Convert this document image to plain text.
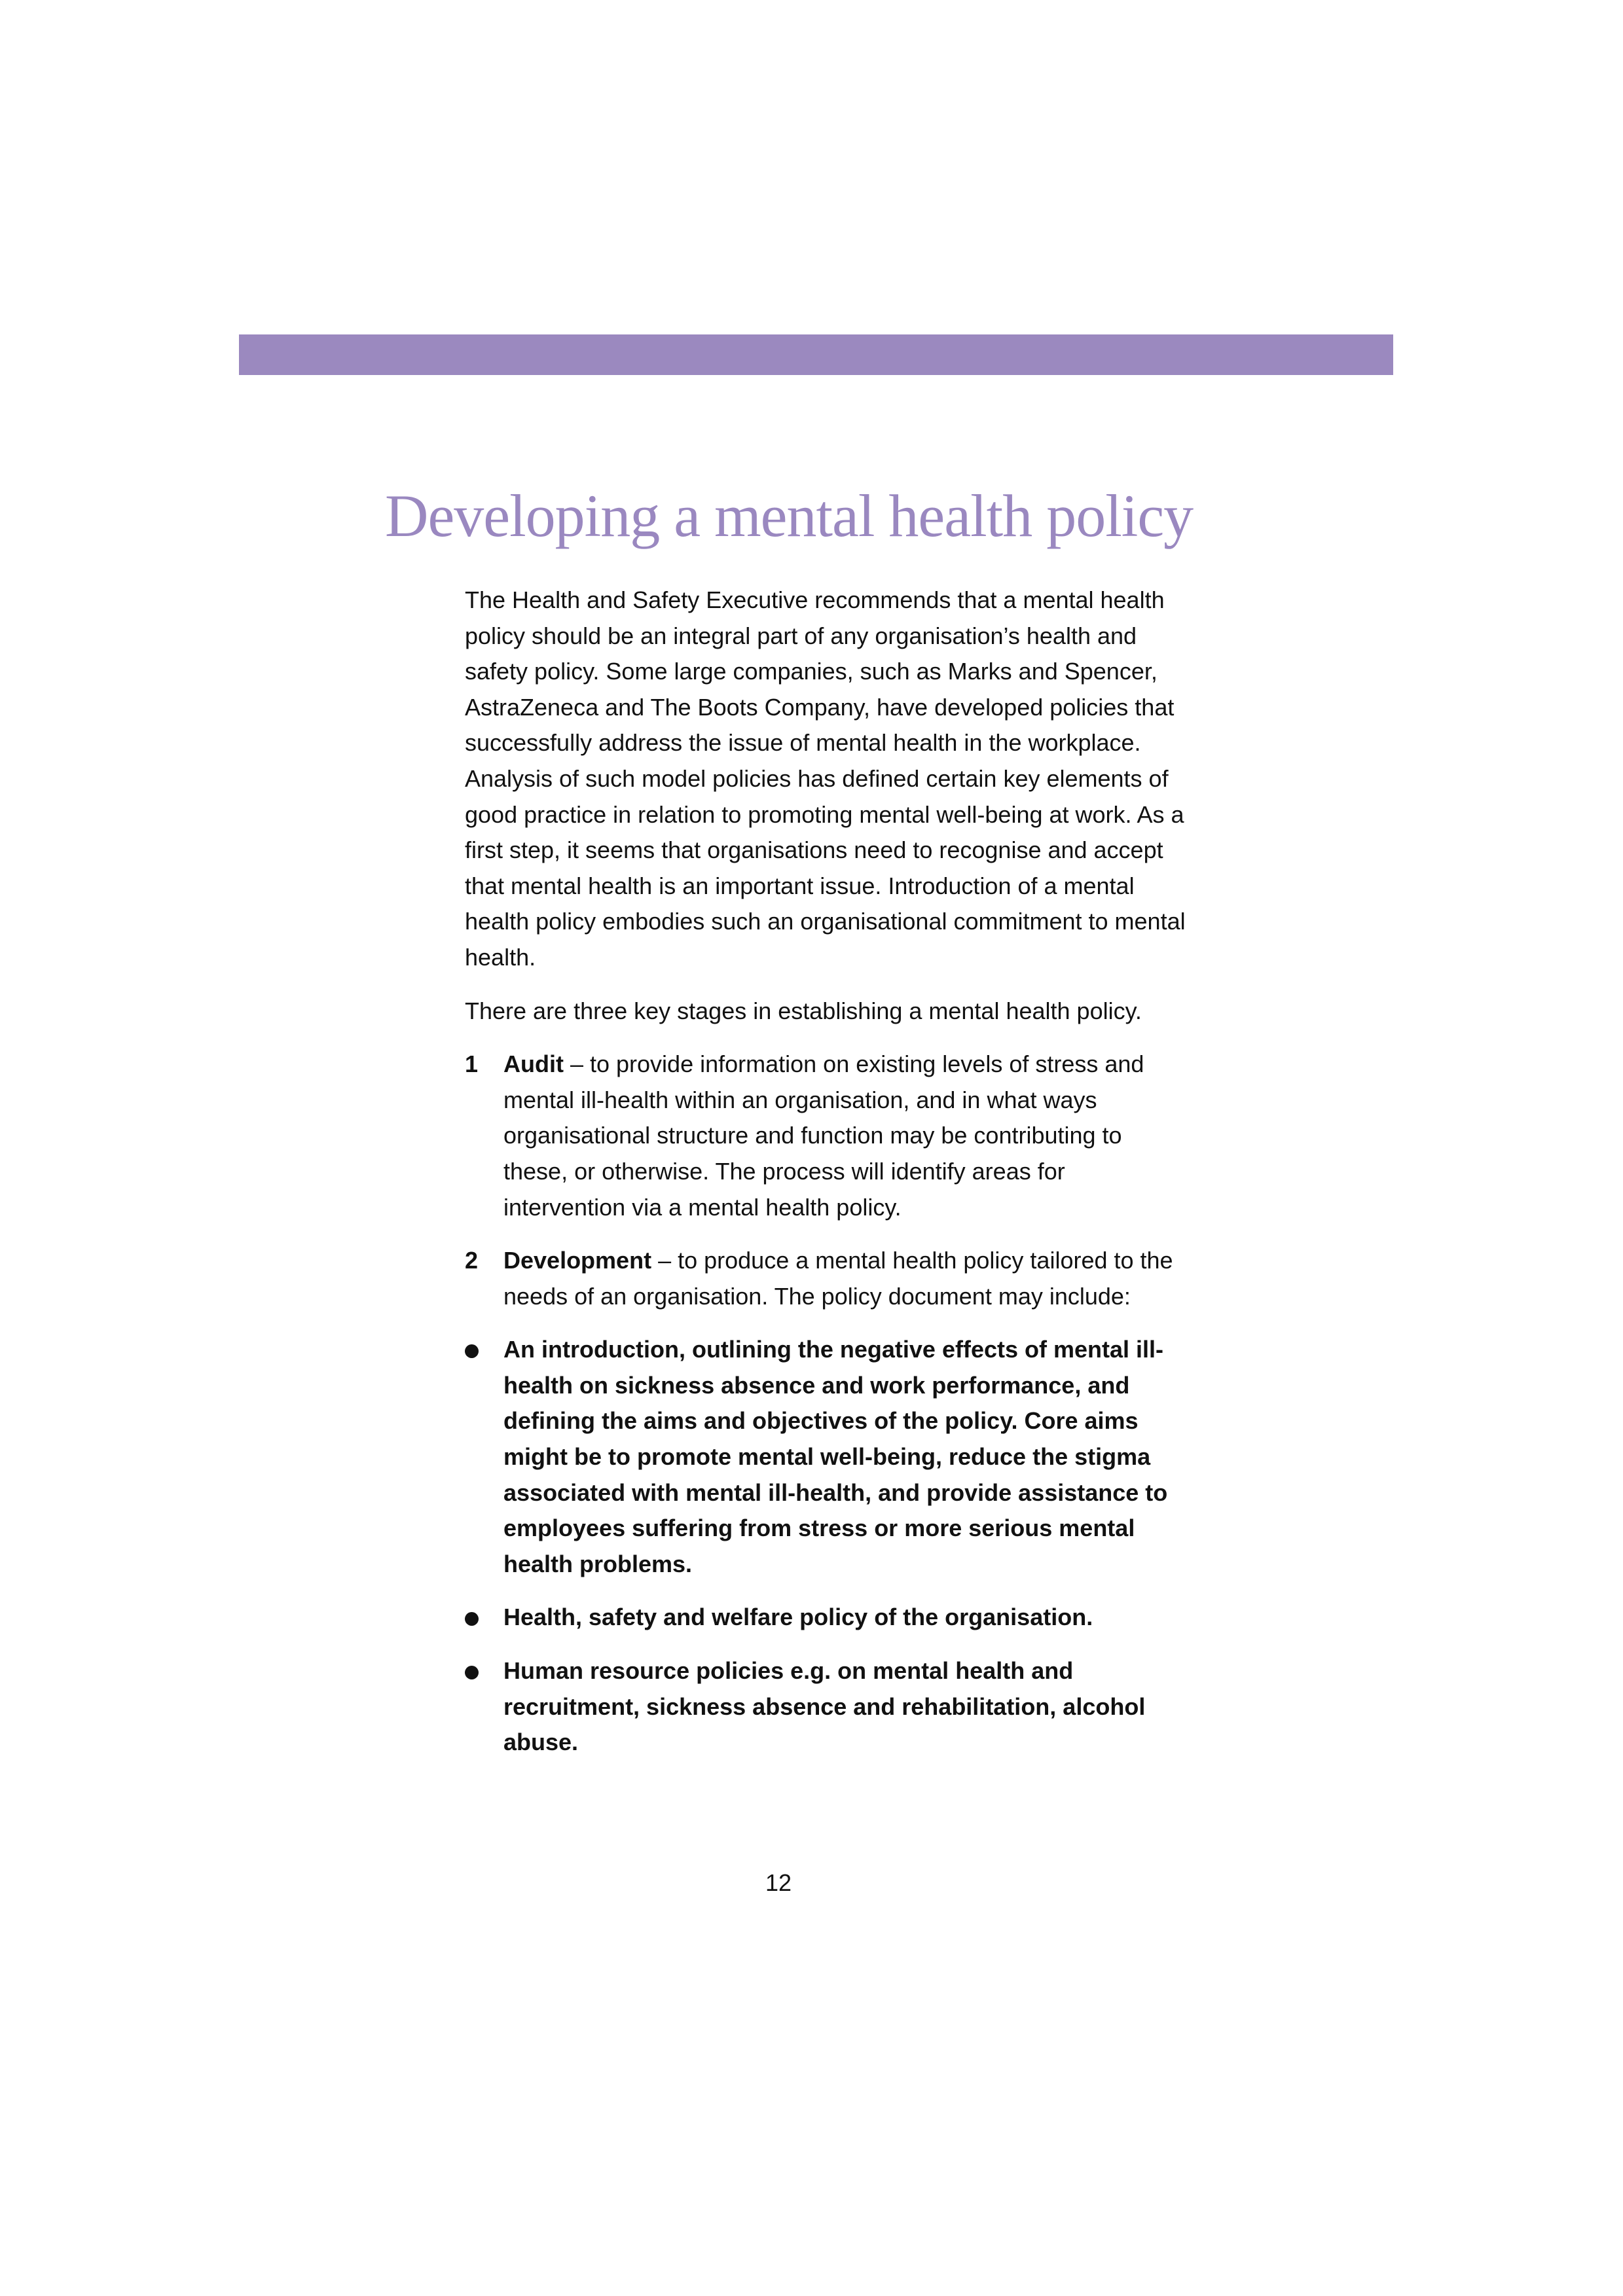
Developing a mental health policy

The Health and Safety Executive recommends that a mental health policy should be an integral part of any organisation’s health and safety policy. Some large companies, such as Marks and Spencer, AstraZeneca and The Boots Company, have developed policies that successfully address the issue of mental health in the workplace. Analysis of such model policies has defined certain key elements of good practice in relation to promoting mental well-being at work. As a first step, it seems that organisations need to recognise and accept that mental health is an important issue. Introduction of a mental health policy embodies such an organisational commitment to mental health.

There are three key stages in establishing a mental health policy.

1 Audit – to provide information on existing levels of stress and mental ill-health within an organisation, and in what ways organisational structure and function may be contributing to these, or otherwise. The process will identify areas for intervention via a mental health policy.
2 Development – to produce a mental health policy tailored to the needs of an organisation. The policy document may include:
An introduction, outlining the negative effects of mental ill-health on sickness absence and work performance, and defining the aims and objectives of the policy. Core aims might be to promote mental well-being, reduce the stigma associated with mental ill-health, and provide assistance to employees suffering from stress or more serious mental health problems.
Health, safety and welfare policy of the organisation.
Human resource policies e.g. on mental health and recruitment, sickness absence and rehabilitation, alcohol abuse.
12
